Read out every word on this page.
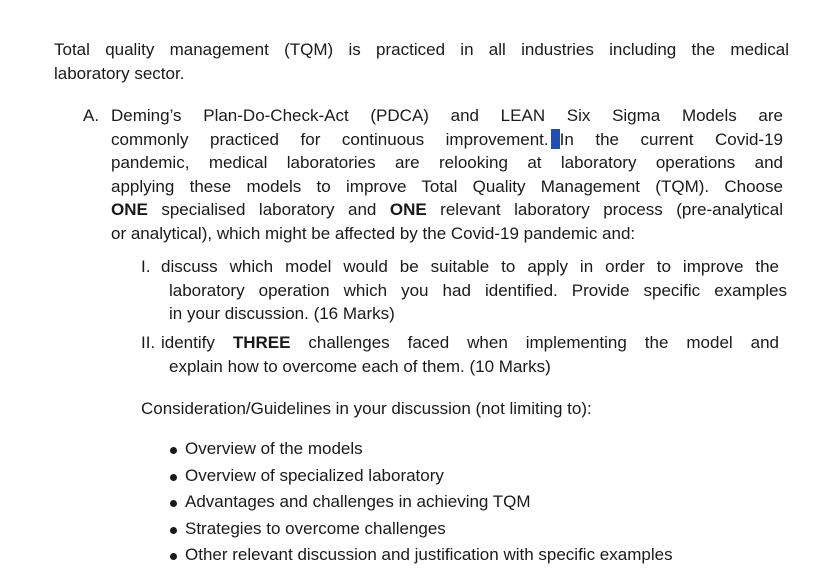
Total quality management (TQM) is practiced in all industries including the medical
laboratory sector.
A. Deming’s Plan-Do-Check-Act (PDCA) and LEAN Six Sigma Models are
commonly practiced for continuous improvement. In the current Covid-19
pandemic, medical laboratories are relooking at laboratory operations and
applying these models to improve Total Quality Management (TQM). Choose
ONE specialised laboratory and ONE relevant laboratory process (pre-analytical
or analytical), which might be affected by the Covid-19 pandemic and:
I. discuss which model would be suitable to apply in order to improve the
laboratory operation which you had identified. Provide specific examples
in your discussion. (16 Marks)
II. identify THREE challenges faced when implementing the model and
explain how to overcome each of them. (10 Marks)
Consideration/Guidelines in your discussion (not limiting to):
Overview of the models
Overview of specialized laboratory
Advantages and challenges in achieving TQM
Strategies to overcome challenges
Other relevant discussion and justification with specific examples
